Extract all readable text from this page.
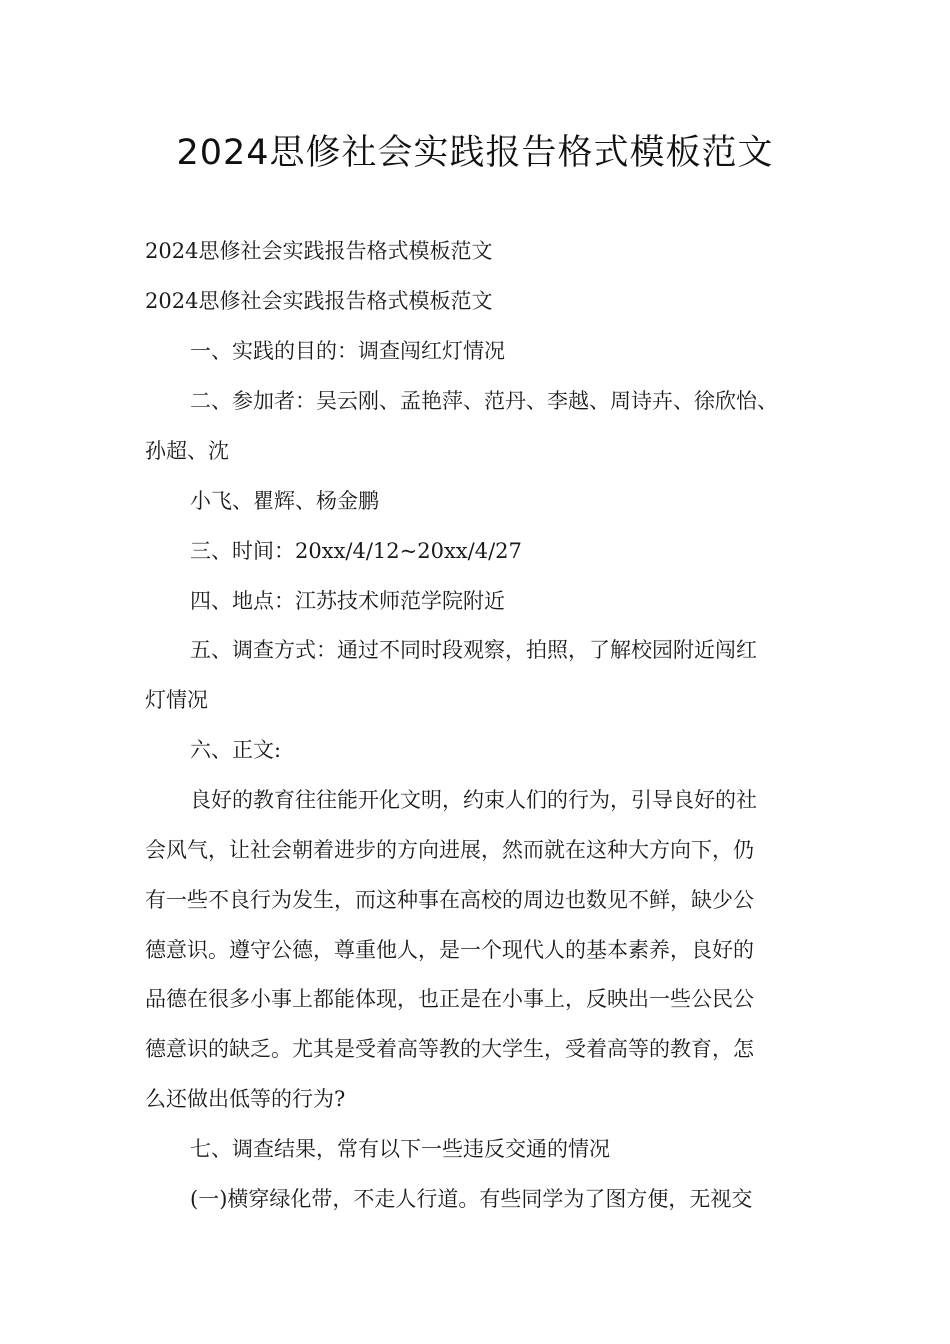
2024思修社会实践报告格式模板范文
2024思修社会实践报告格式模板范文
2024思修社会实践报告格式模板范文
一、实践的目的：调查闯红灯情况
二、参加者：吴云刚、孟艳萍、范丹、李越、周诗卉、徐欣怡、
孙超、沈
小飞、瞿辉、杨金鹏
三、时间：20xx/4/12~20xx/4/27
四、地点：江苏技术师范学院附近
五、调查方式：通过不同时段观察，拍照，了解校园附近闯红
灯情况
六、正文:
良好的教育往往能开化文明，约束人们的行为，引导良好的社
会风气，让社会朝着进步的方向进展，然而就在这种大方向下，仍
有一些不良行为发生，而这种事在高校的周边也数见不鲜，缺少公
德意识。遵守公德，尊重他人，是一个现代人的基本素养，良好的
品德在很多小事上都能体现，也正是在小事上，反映出一些公民公
德意识的缺乏。尤其是受着高等教的大学生，受着高等的教育，怎
么还做出低等的行为?
七、调查结果，常有以下一些违反交通的情况
(一)横穿绿化带，不走人行道。有些同学为了图方便，无视交
